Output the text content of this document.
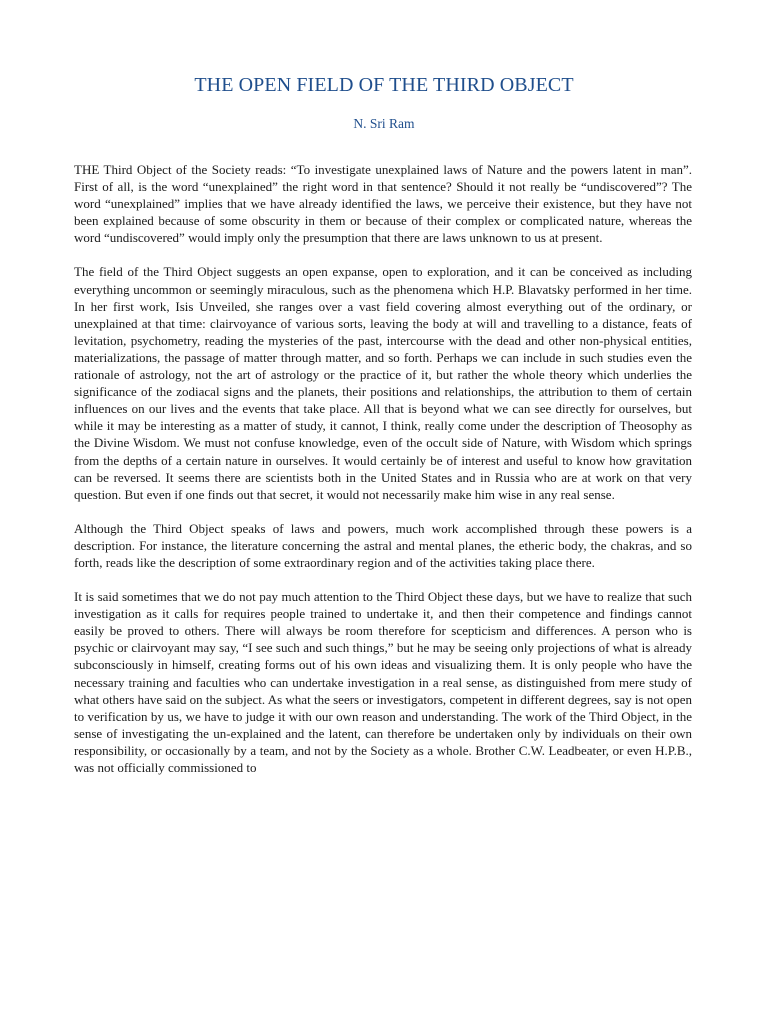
THE OPEN FIELD OF THE THIRD OBJECT
N. Sri Ram

THE Third Object of the Society reads: “To investigate unexplained laws of Nature and the powers latent in man”. First of all, is the word “unexplained” the right word in that sentence? Should it not really be “undiscovered”? The word “unexplained” implies that we have already identified the laws, we perceive their existence, but they have not been explained because of some obscurity in them or because of their complex or complicated nature, whereas the word “undiscovered” would imply only the presumption that there are laws unknown to us at present.

The field of the Third Object suggests an open expanse, open to exploration, and it can be conceived as including everything uncommon or seemingly miraculous, such as the phenomena which H.P. Blavatsky performed in her time. In her first work, Isis Unveiled, she ranges over a vast field covering almost everything out of the ordinary, or unexplained at that time: clairvoyance of various sorts, leaving the body at will and travelling to a distance, feats of levitation, psychometry, reading the mysteries of the past, intercourse with the dead and other non-physical entities, materializations, the passage of matter through matter, and so forth. Perhaps we can include in such studies even the rationale of astrology, not the art of astrology or the practice of it, but rather the whole theory which underlies the significance of the zodiacal signs and the planets, their positions and relationships, the attribution to them of certain influences on our lives and the events that take place. All that is beyond what we can see directly for ourselves, but while it may be interesting as a matter of study, it cannot, I think, really come under the description of Theosophy as the Divine Wisdom. We must not confuse knowledge, even of the occult side of Nature, with Wisdom which springs from the depths of a certain nature in ourselves. It would certainly be of interest and useful to know how gravitation can be reversed. It seems there are scientists both in the United States and in Russia who are at work on that very question. But even if one finds out that secret, it would not necessarily make him wise in any real sense.

Although the Third Object speaks of laws and powers, much work accomplished through these powers is a description. For instance, the literature concerning the astral and mental planes, the etheric body, the chakras, and so forth, reads like the description of some extraordinary region and of the activities taking place there.

It is said sometimes that we do not pay much attention to the Third Object these days, but we have to realize that such investigation as it calls for requires people trained to undertake it, and then their competence and findings cannot easily be proved to others. There will always be room therefore for scepticism and differences. A person who is psychic or clairvoyant may say, “I see such and such things,” but he may be seeing only projections of what is already subconsciously in himself, creating forms out of his own ideas and visualizing them. It is only people who have the necessary training and faculties who can undertake investigation in a real sense, as distinguished from mere study of what others have said on the subject. As what the seers or investigators, competent in different degrees, say is not open to verification by us, we have to judge it with our own reason and understanding. The work of the Third Object, in the sense of investigating the un-explained and the latent, can therefore be undertaken only by individuals on their own responsibility, or occasionally by a team, and not by the Society as a whole. Brother C.W. Leadbeater, or even H.P.B., was not officially commissioned to
